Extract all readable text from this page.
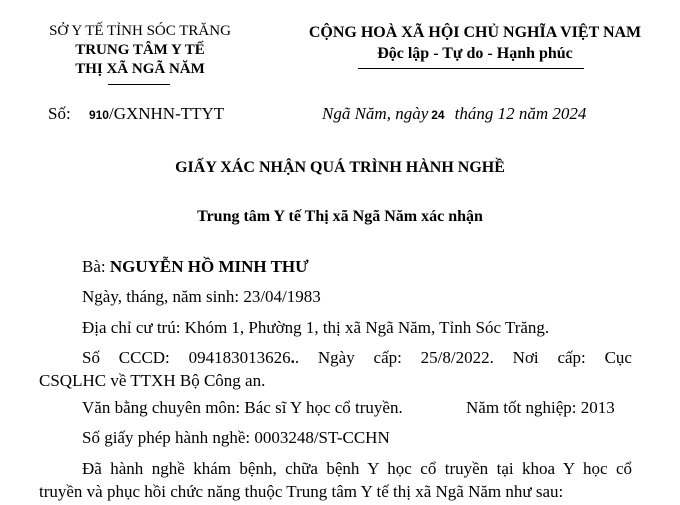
SỞ Y TẾ TỈNH SÓC TRĂNG
TRUNG TÂM Y TẾ
THỊ XÃ NGÃ NĂM
CỘNG HOÀ XÃ HỘI CHỦ NGHĨA VIỆT NAM
Độc lập - Tự do - Hạnh phúc
Số: 910/GXNHN-TTYT	Ngã Năm, ngày 24 tháng 12 năm 2024
GIẤY XÁC NHẬN QUÁ TRÌNH HÀNH NGHỀ
Trung tâm Y tế Thị xã Ngã Năm xác nhận
Bà: NGUYỄN HỒ MINH THƯ
Ngày, tháng, năm sinh: 23/04/1983
Địa chỉ cư trú: Khóm 1, Phường 1, thị xã Ngã Năm, Tỉnh Sóc Trăng.
Số CCCD: 094183013626.. Ngày cấp: 25/8/2022. Nơi cấp: Cục
CSQLHC về TTXH Bộ Công an.
Văn bằng chuyên môn: Bác sĩ Y học cổ truyền.	Năm tốt nghiệp: 2013
Số giấy phép hành nghề: 0003248/ST-CCHN
Đã hành nghề khám bệnh, chữa bệnh Y học cổ truyền tại khoa Y học cổ
truyền và phục hồi chức năng thuộc Trung tâm Y tế thị xã Ngã Năm như sau:
